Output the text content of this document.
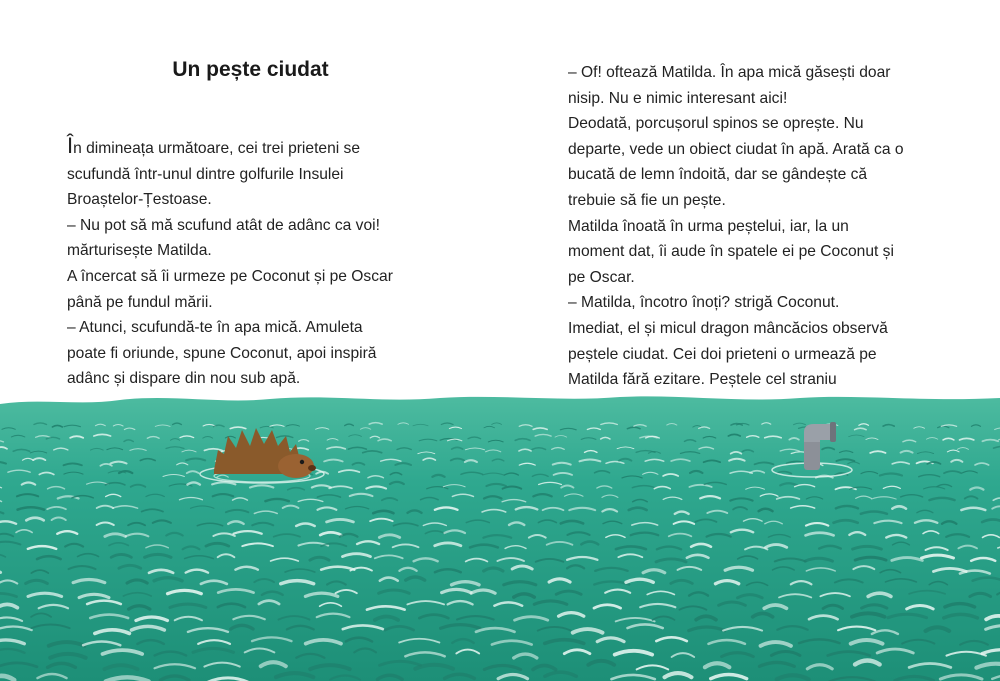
Un pește ciudat

În dimineața următoare, cei trei prieteni se

scufundă într-unul dintre golfurile Insulei

Broaștelor-Țestoase.

– Nu pot să mă scufund atât de adânc ca voi!

mărturisește Matilda.

A încercat să îi urmeze pe Coconut și pe Oscar

până pe fundul mării.

– Atunci, scufundă-te în apa mică. Amuleta

poate fi oriunde, spune Coconut, apoi inspiră

adânc și dispare din nou sub apă.

– Of! oftează Matilda. În apa mică găsești doar

nisip. Nu e nimic interesant aici!

Deodată, porcușorul spinos se oprește. Nu

departe, vede un obiect ciudat în apă. Arată ca o

bucată de lemn îndoită, dar se gândește că

trebuie să fie un pește.

Matilda înoată în urma peștelui, iar, la un

moment dat, îi aude în spatele ei pe Coconut și

pe Oscar.

– Matilda, încotro înoți? strigă Coconut.

Imediat, el și micul dragon mâncăcios observă

peștele ciudat. Cei doi prieteni o urmează pe

Matilda fără ezitare. Peștele cel straniu
